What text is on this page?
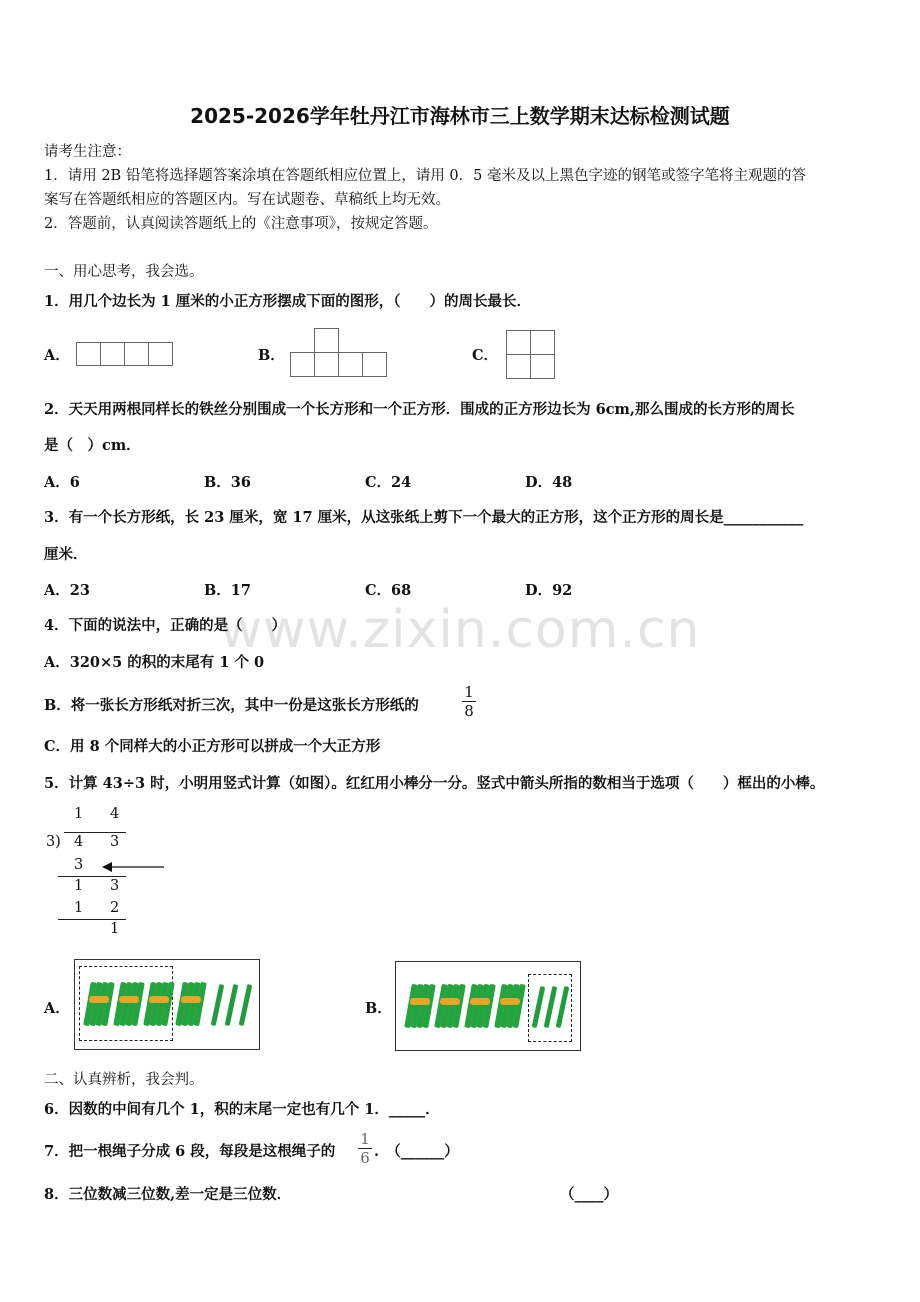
www.zixin.com.cn
2025-2026学年牡丹江市海林市三上数学期末达标检测试题
请考生注意：
1．请用 2B 铅笔将选择题答案涂填在答题纸相应位置上，请用 0．5 毫米及以上黑色字迹的钢笔或签字笔将主观题的答
案写在答题纸相应的答题区内。写在试题卷、草稿纸上均无效。
2．答题前，认真阅读答题纸上的《注意事项》，按规定答题。
一、用心思考，我会选。
1．用几个边长为 1 厘米的小正方形摆成下面的图形，（　　）的周长最长．
A．	B．	C．
2．天天用两根同样长的铁丝分别围成一个长方形和一个正方形．围成的正方形边长为 6cm,那么围成的长方形的周长
是（　）cm．
A．6	B．36	C．24	D．48
3．有一个长方形纸，长 23 厘米，宽 17 厘米，从这张纸上剪下一个最大的正方形，这个正方形的周长是___________
厘米．
A．23	B．17	C．68	D．92
4．下面的说法中，正确的是（　　）
A．320×5 的积的末尾有 1 个 0
B．将一张长方形纸对折三次，其中一份是这张长方形纸的
1
8
C．用 8 个同样大的小正方形可以拼成一个大正方形
5．计算 43÷3 时，小明用竖式计算（如图）。红红用小棒分一分。竖式中箭头所指的数相当于选项（　　）框出的小棒。
1 4
3 ) 4 3
3
1 3
1 2
1
A．	B．
二、认真辨析，我会判。
6．因数的中间有几个 1，积的末尾一定也有几个 1．_____．
7．把一根绳子分成 6 段，每段是这根绳子的
1
6 .　（______）
8．三位数减三位数,差一定是三位数．	（____）
